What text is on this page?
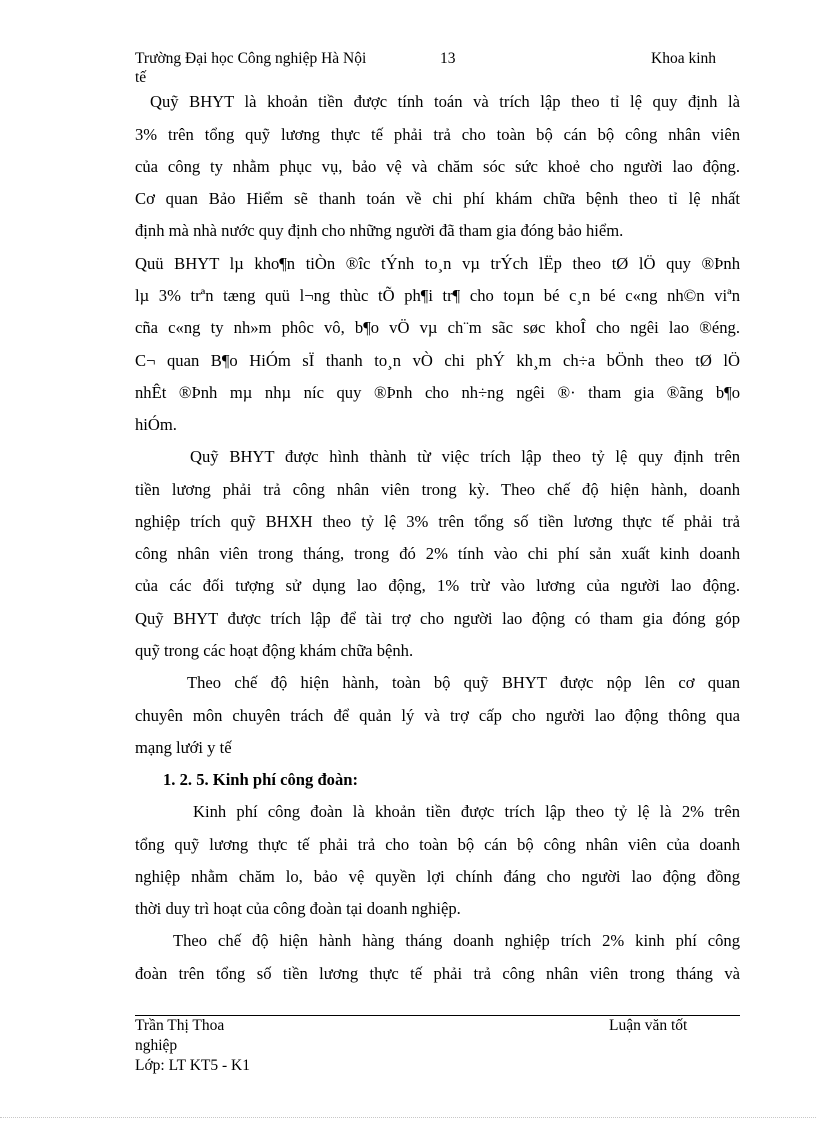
Trường Đại học Công nghiệp Hà Nội	13	Khoa kinh
tế
Quỹ BHYT là khoản tiền được tính toán và trích lập theo tỉ lệ quy định là
3% trên tổng quỹ lương thực tế phải trả cho toàn bộ cán bộ công nhân viên
của công ty nhằm phục vụ, bảo vệ và chăm sóc sức khoẻ cho người lao động.
Cơ quan Bảo Hiểm sẽ thanh toán về chi phí khám chữa bệnh theo tỉ lệ nhất
định mà nhà nước quy định cho những người đã tham gia đóng bảo hiểm.
Quü BHYT lµ kho¶n tiÒn ®îc tÝnh to¸n vµ trÝch lËp theo tØ lÖ quy ®Þnh
lµ 3% trªn tæng quü l¬ng thùc tÕ ph¶i tr¶ cho toµn bé c¸n bé c«ng nh©n viªn
cña c«ng ty nh»m phôc vô, b¶o vÖ vµ ch¨m sãc søc khoÎ cho ngêi lao ®éng.
C¬ quan B¶o HiÓm sÏ thanh to¸n vÒ chi phÝ kh¸m ch÷a bÖnh theo tØ lÖ
nhÊt ®Þnh mµ nhµ níc quy ®Þnh cho nh÷ng ngêi ®· tham gia ®ãng b¶o
hiÓm.
Quỹ BHYT được hình thành từ việc trích lập theo tỷ lệ quy định trên
tiền lương phải trả công nhân viên trong kỳ. Theo chế độ hiện hành, doanh
nghiệp trích quỹ BHXH theo tỷ lệ 3% trên tổng số tiền lương thực tế phải trả
công nhân viên trong tháng, trong đó 2% tính vào chi phí sản xuất kinh doanh
của các đối tượng sử dụng lao động, 1% trừ vào lương của người lao động.
Quỹ BHYT được trích lập để tài trợ cho người lao động có tham gia đóng góp
quỹ trong các hoạt động khám chữa bệnh.
Theo chế độ hiện hành, toàn bộ quỹ BHYT được nộp lên cơ quan
chuyên môn chuyên trách để quản lý và trợ cấp cho người lao động thông qua
mạng lưới y tế
1. 2. 5. Kinh phí công đoàn:
Kinh phí công đoàn là khoản tiền được trích lập theo tỷ lệ là 2% trên
tổng quỹ lương thực tế phải trả cho toàn bộ cán bộ công nhân viên của doanh
nghiệp nhằm chăm lo, bảo vệ quyền lợi chính đáng cho người lao động đồng
thời duy trì hoạt của công đoàn tại doanh nghiệp.
Theo chế độ hiện hành hàng tháng doanh nghiệp trích 2% kinh phí công
đoàn trên tổng số tiền lương thực tế phải trả công nhân viên trong tháng và
Trần Thị Thoa	Luận văn tốt
nghiệp
Lớp: LT KT5 - K1
